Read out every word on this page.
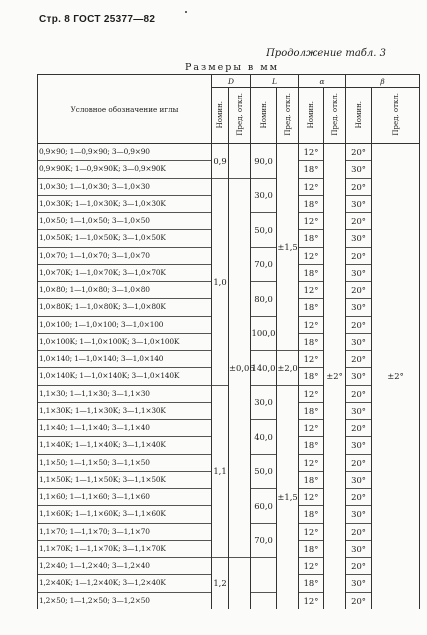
Стр. 8 ГОСТ 25377—82
Продолжение табл. 3
Размеры в мм
Условное обозначение иглы	D		L		α		β	
	Номин.	Пред. откл.	Номин.	Пред. откл.	Номин.	Пред. откл.	Номин.	Пред. откл.
0,9×90; 1—0,9×90; 3—0,9×90	0,9		90,0	±1,5	12°	±2°	20°	±2°
0,9×90K; 1—0,9×90K; 3—0,9×90K					18°		30°	
1,0×30; 1—1,0×30; 3—1,0×30	1,0	±0,06	30,0		12°		20°	
1,0×30K; 1—1,0×30K; 3—1,0×30K					18°		30°	
1,0×50; 1—1,0×50; 3—1,0×50			50,0		12°		20°	
1,0×50K; 1—1,0×50K; 3—1,0×50K					18°		30°	
1,0×70; 1—1,0×70; 3—1,0×70			70,0		12°		20°	
1,0×70K; 1—1,0×70K; 3—1,0×70K					18°		30°	
1,0×80; 1—1,0×80; 3—1,0×80			80,0		12°		20°	
1,0×80K; 1—1,0×80K; 3—1,0×80K					18°		30°	
1,0×100; 1—1,0×100; 3—1,0×100			100,0		12°		20°	
1,0×100K; 1—1,0×100K; 3—1,0×100K					18°		30°	
1,0×140; 1—1,0×140; 3—1,0×140			140,0	±2,0	12°		20°	
1,0×140K; 1—1,0×140K; 3—1,0×140K					18°		30°	
1,1×30; 1—1,1×30; 3—1,1×30	1,1		30,0	±1,5	12°		20°	
1,1×30K; 1—1,1×30K; 3—1,1×30K					18°		30°	
1,1×40; 1—1,1×40; 3—1,1×40			40,0		12°		20°	
1,1×40K; 1—1,1×40K; 3—1,1×40K					18°		30°	
1,1×50; 1—1,1×50; 3—1,1×50			50,0		12°		20°	
1,1×50K; 1—1,1×50K; 3—1,1×50K					18°		30°	
1,1×60; 1—1,1×60; 3—1,1×60			60,0		12°		20°	
1,1×60K; 1—1,1×60K; 3—1,1×60K					18°		30°	
1,1×70; 1—1,1×70; 3—1,1×70			70,0		12°		20°	
1,1×70K; 1—1,1×70K; 3—1,1×70K					18°		30°	
1,2×40; 1—1,2×40; 3—1,2×40	1,2				12°		20°	
1,2×40K; 1—1,2×40K; 3—1,2×40K					18°		30°	
1,2×50; 1—1,2×50; 3—1,2×50					12°		20°	
